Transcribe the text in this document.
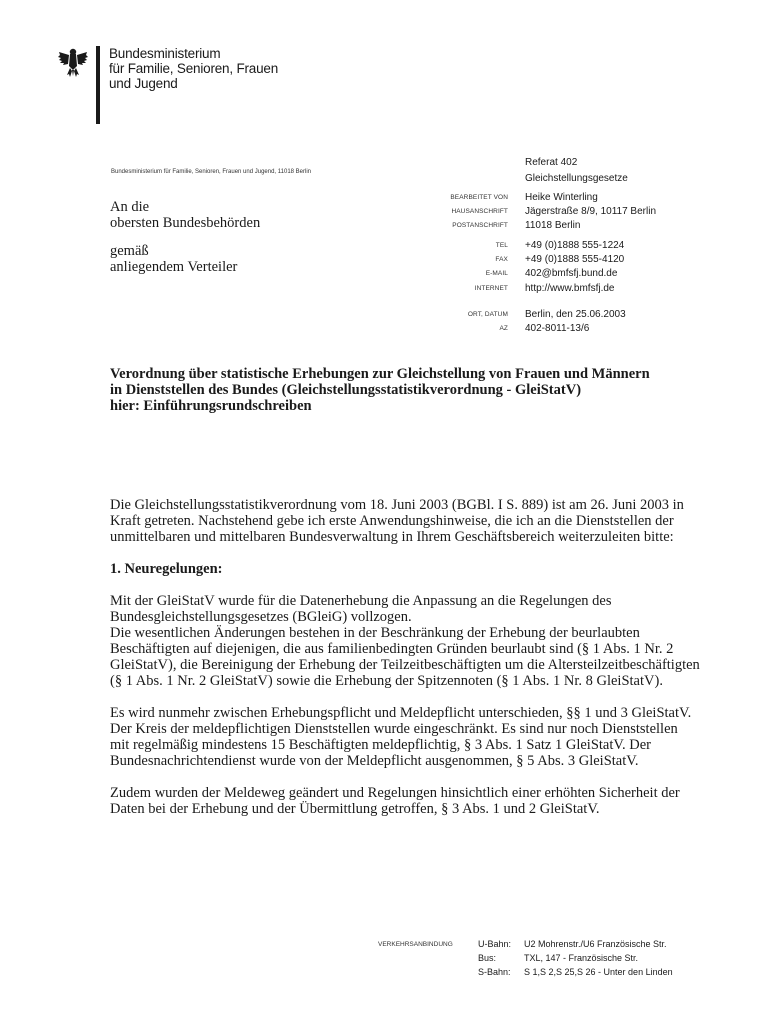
Bundesministerium
für Familie, Senioren, Frauen
und Jugend
Bundesministerium für Familie, Senioren, Frauen und Jugend, 11018 Berlin
An die
obersten Bundesbehörden
gemäß
anliegendem Verteiler
Referat 402
Gleichstellungsgesetze
BEARBEITET VON Heike Winterling
HAUSANSCHRIFT Jägerstraße 8/9, 10117 Berlin
POSTANSCHRIFT 11018 Berlin
TEL +49 (0)1888 555-1224
FAX +49 (0)1888 555-4120
E-MAIL 402@bmfsfj.bund.de
INTERNET http://www.bmfsfj.de
ORT, DATUM Berlin, den 25.06.2003
AZ 402-8011-13/6
Verordnung über statistische Erhebungen zur Gleichstellung von Frauen und Männern
in Dienststellen des Bundes (Gleichstellungsstatistikverordnung - GleiStatV)
hier: Einführungsrundschreiben
Die Gleichstellungsstatistikverordnung vom 18. Juni 2003 (BGBl. I S. 889) ist am 26. Juni 2003 in Kraft getreten. Nachstehend gebe ich erste Anwendungshinweise, die ich an die Dienststellen der unmittelbaren und mittelbaren Bundesverwaltung in Ihrem Geschäftsbereich weiterzuleiten bitte:
1. Neuregelungen:
Mit der GleiStatV wurde für die Datenerhebung die Anpassung an die Regelungen des Bundesgleichstellungsgesetzes (BGleiG) vollzogen.
Die wesentlichen Änderungen bestehen in der Beschränkung der Erhebung der beurlaubten Beschäftigten auf diejenigen, die aus familienbedingten Gründen beurlaubt sind (§ 1 Abs. 1 Nr. 2 GleiStatV), die Bereinigung der Erhebung der Teilzeitbeschäftigten um die Altersteilzeitbeschäftigten (§ 1 Abs. 1 Nr. 2 GleiStatV) sowie die Erhebung der Spitzennoten (§ 1 Abs. 1 Nr. 8 GleiStatV).
Es wird nunmehr zwischen Erhebungspflicht und Meldepflicht unterschieden, §§ 1 und 3 GleiStatV. Der Kreis der meldepflichtigen Dienststellen wurde eingeschränkt. Es sind nur noch Dienststellen mit regelmäßig mindestens 15 Beschäftigten meldepflichtig, § 3 Abs. 1 Satz 1 GleiStatV. Der Bundesnachrichtendienst wurde von der Meldepflicht ausgenommen, § 5 Abs. 3 GleiStatV.
Zudem wurden der Meldeweg geändert und Regelungen hinsichtlich einer erhöhten Sicherheit der Daten bei der Erhebung und der Übermittlung getroffen, § 3 Abs. 1 und 2 GleiStatV.
VERKEHRSANBINDUNG	U-Bahn: U2 Mohrenstr./U6 Französische Str.
Bus:	TXL, 147 - Französische Str.
S-Bahn: S 1,S 2,S 25,S 26 - Unter den Linden
